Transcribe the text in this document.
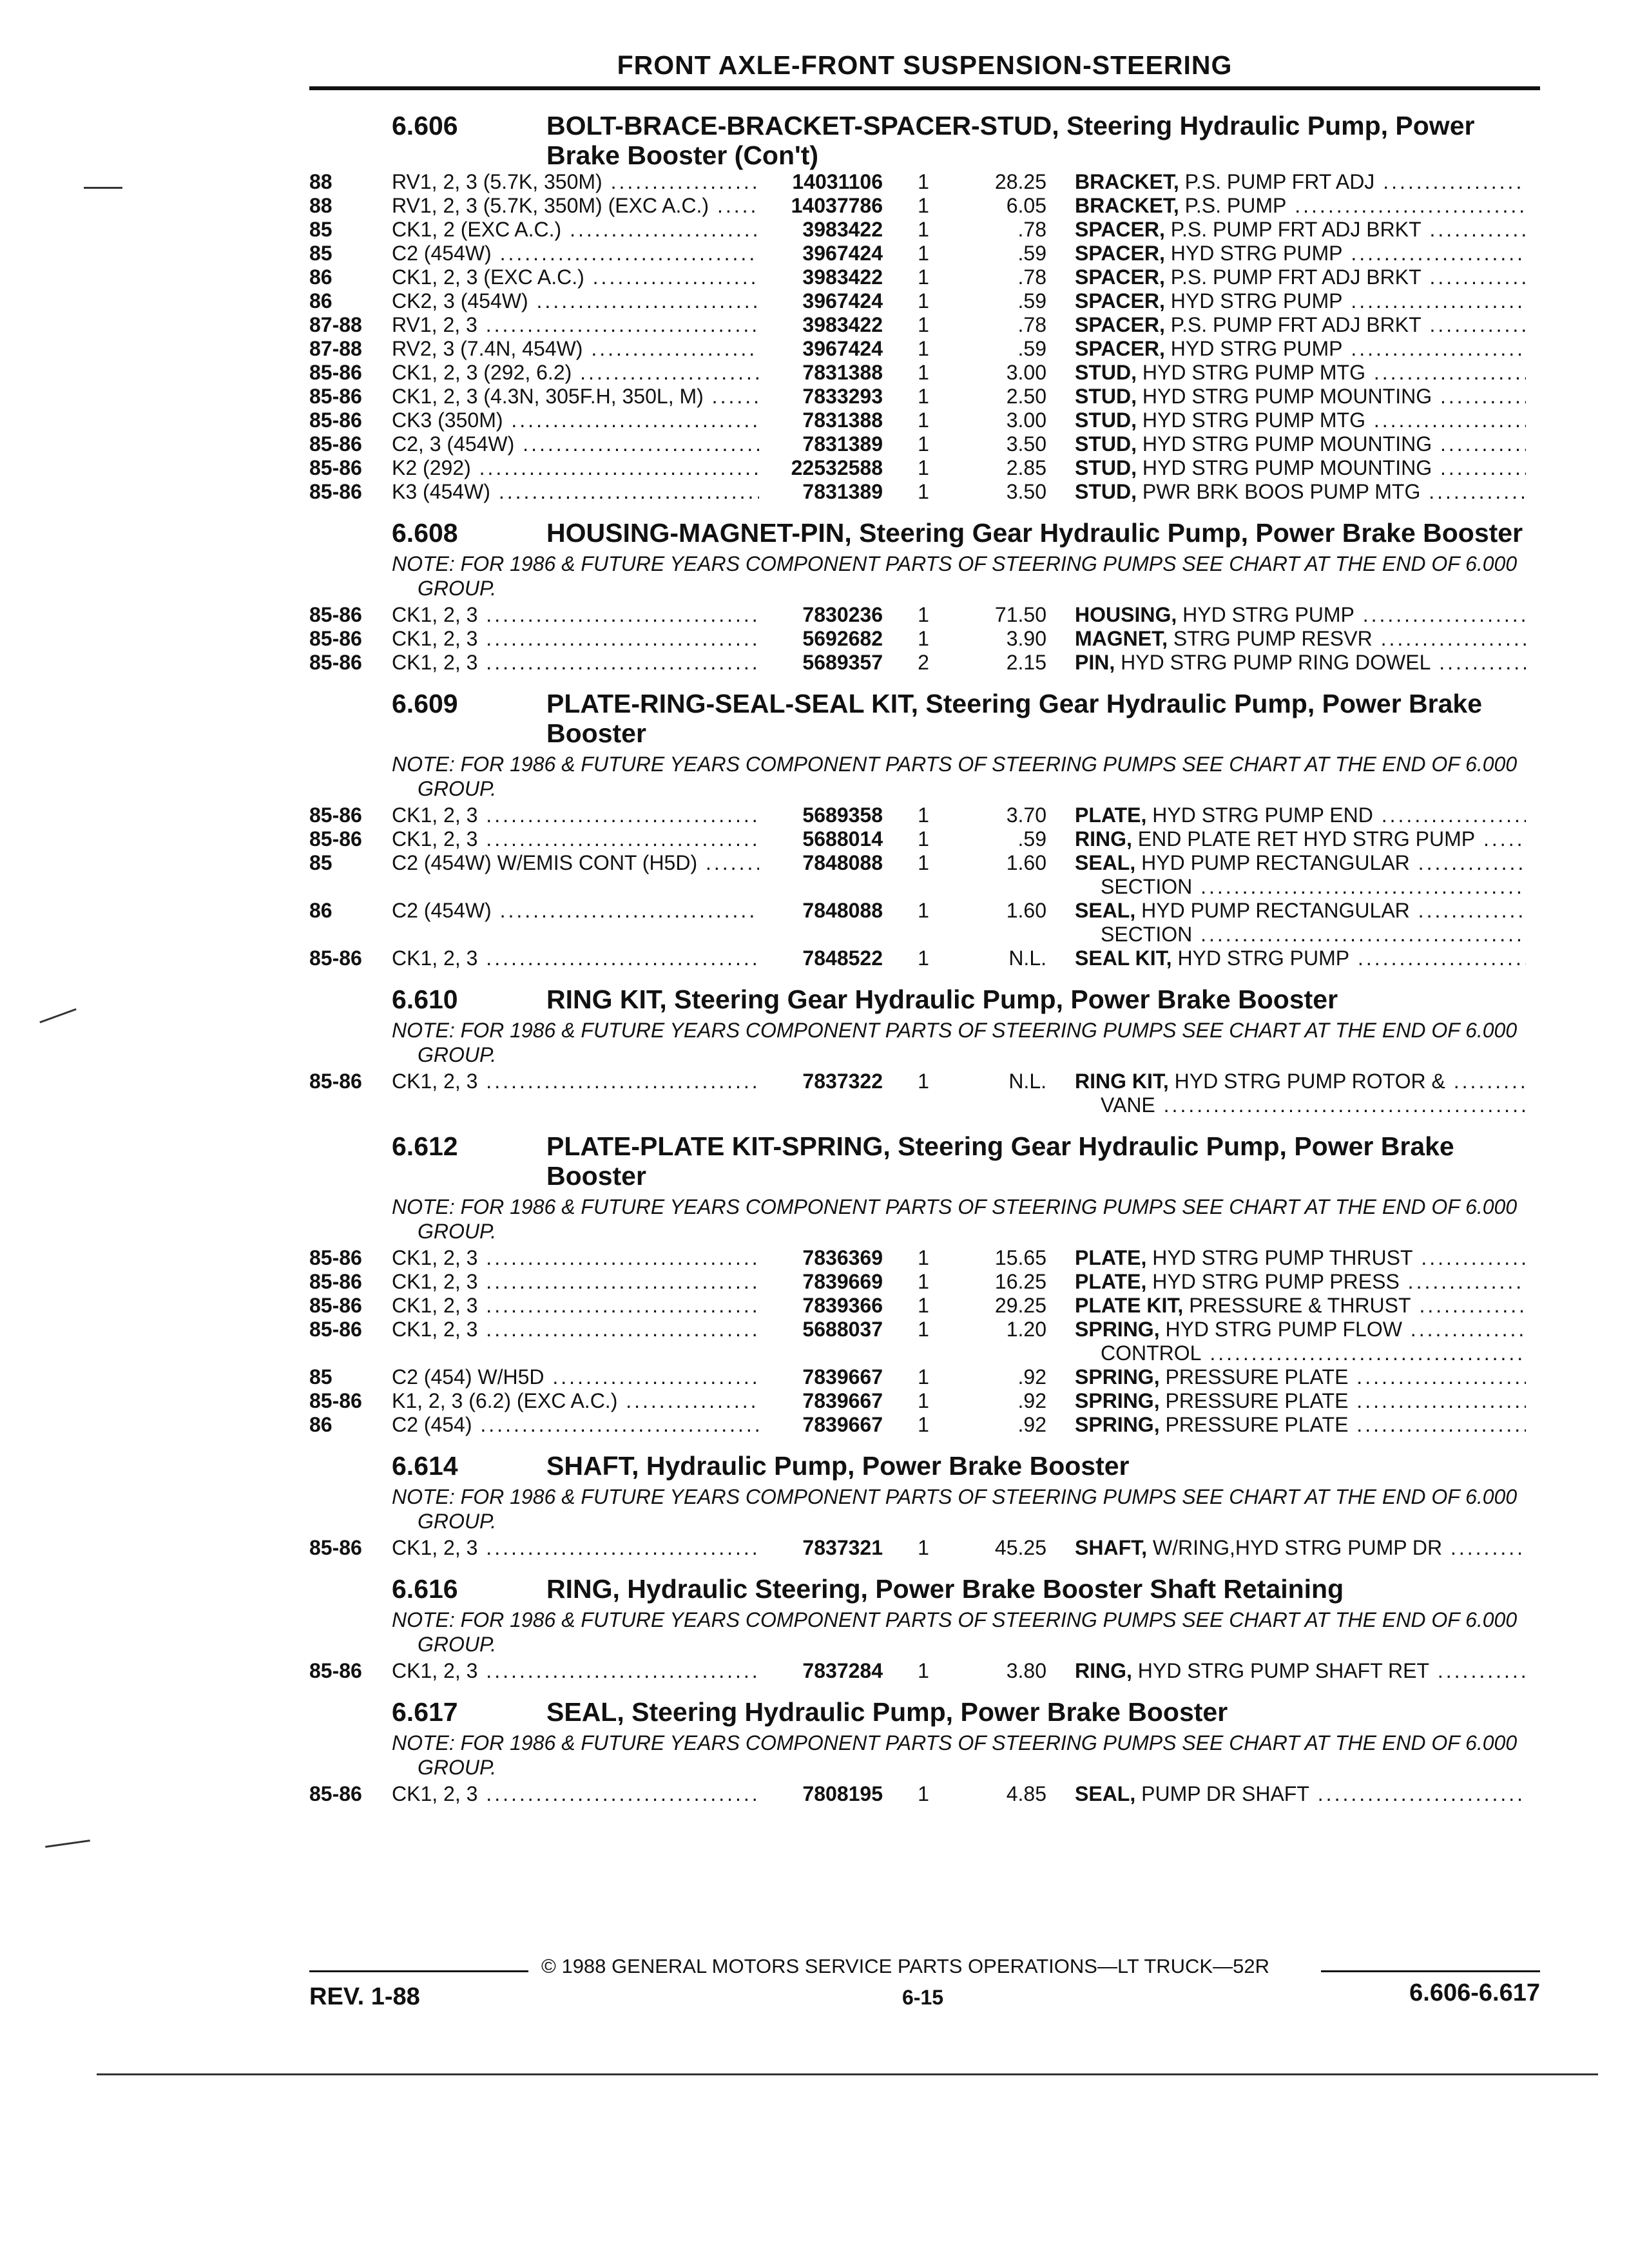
FRONT AXLE-FRONT SUSPENSION-STEERING
6.606	BOLT-BRACE-BRACKET-SPACER-STUD, Steering Hydraulic Pump, Power Brake Booster (Con't)
88	RV1, 2, 3 (5.7K, 350M) .....	14031106	1	28.25	BRACKET, P.S. PUMP FRT ADJ .....
88	RV1, 2, 3 (5.7K, 350M) (EXC A.C.) .....	14037786	1	6.05	BRACKET, P.S. PUMP .....
85	CK1, 2 (EXC A.C.) .....	3983422	1	.78	SPACER, P.S. PUMP FRT ADJ BRKT .....
85	C2 (454W) .....	3967424	1	.59	SPACER, HYD STRG PUMP .....
86	CK1, 2, 3 (EXC A.C.) .....	3983422	1	.78	SPACER, P.S. PUMP FRT ADJ BRKT .....
86	CK2, 3 (454W) .....	3967424	1	.59	SPACER, HYD STRG PUMP .....
87-88	RV1, 2, 3 .....	3983422	1	.78	SPACER, P.S. PUMP FRT ADJ BRKT .....
87-88	RV2, 3 (7.4N, 454W) .....	3967424	1	.59	SPACER, HYD STRG PUMP .....
85-86	CK1, 2, 3 (292, 6.2) .....	7831388	1	3.00	STUD, HYD STRG PUMP MTG .....
85-86	CK1, 2, 3 (4.3N, 305F.H, 350L, M) .....	7833293	1	2.50	STUD, HYD STRG PUMP MOUNTING .....
85-86	CK3 (350M) .....	7831388	1	3.00	STUD, HYD STRG PUMP MTG .....
85-86	C2, 3 (454W) .....	7831389	1	3.50	STUD, HYD STRG PUMP MOUNTING .....
85-86	K2 (292) .....	22532588	1	2.85	STUD, HYD STRG PUMP MOUNTING .....
85-86	K3 (454W) .....	7831389	1	3.50	STUD, PWR BRK BOOS PUMP MTG .....
6.608	HOUSING-MAGNET-PIN, Steering Gear Hydraulic Pump, Power Brake Booster
NOTE: FOR 1986 & FUTURE YEARS COMPONENT PARTS OF STEERING PUMPS SEE CHART AT THE END OF 6.000 GROUP.
85-86	CK1, 2, 3 .....	7830236	1	71.50	HOUSING, HYD STRG PUMP .....
85-86	CK1, 2, 3 .....	5692682	1	3.90	MAGNET, STRG PUMP RESVR .....
85-86	CK1, 2, 3 .....	5689357	2	2.15	PIN, HYD STRG PUMP RING DOWEL .....
6.609	PLATE-RING-SEAL-SEAL KIT, Steering Gear Hydraulic Pump, Power Brake Booster
NOTE: FOR 1986 & FUTURE YEARS COMPONENT PARTS OF STEERING PUMPS SEE CHART AT THE END OF 6.000 GROUP.
85-86	CK1, 2, 3 .....	5689358	1	3.70	PLATE, HYD STRG PUMP END .....
85-86	CK1, 2, 3 .....	5688014	1	.59	RING, END PLATE RET HYD STRG PUMP .....
85	C2 (454W) W/EMIS CONT (H5D) .....	7848088	1	1.60	SEAL, HYD PUMP RECTANGULAR .....
SECTION .....
86	C2 (454W) .....	7848088	1	1.60	SEAL, HYD PUMP RECTANGULAR .....
SECTION .....
85-86	CK1, 2, 3 .....	7848522	1	N.L.	SEAL KIT, HYD STRG PUMP .....
6.610	RING KIT, Steering Gear Hydraulic Pump, Power Brake Booster
NOTE: FOR 1986 & FUTURE YEARS COMPONENT PARTS OF STEERING PUMPS SEE CHART AT THE END OF 6.000 GROUP.
85-86	CK1, 2, 3 .....	7837322	1	N.L.	RING KIT, HYD STRG PUMP ROTOR & .....
VANE .....
6.612	PLATE-PLATE KIT-SPRING, Steering Gear Hydraulic Pump, Power Brake Booster
NOTE: FOR 1986 & FUTURE YEARS COMPONENT PARTS OF STEERING PUMPS SEE CHART AT THE END OF 6.000 GROUP.
85-86	CK1, 2, 3 .....	7836369	1	15.65	PLATE, HYD STRG PUMP THRUST .....
85-86	CK1, 2, 3 .....	7839669	1	16.25	PLATE, HYD STRG PUMP PRESS .....
85-86	CK1, 2, 3 .....	7839366	1	29.25	PLATE KIT, PRESSURE & THRUST .....
85-86	CK1, 2, 3 .....	5688037	1	1.20	SPRING, HYD STRG PUMP FLOW .....
CONTROL .....
85	C2 (454) W/H5D .....	7839667	1	.92	SPRING, PRESSURE PLATE .....
85-86	K1, 2, 3 (6.2) (EXC A.C.) .....	7839667	1	.92	SPRING, PRESSURE PLATE .....
86	C2 (454) .....	7839667	1	.92	SPRING, PRESSURE PLATE .....
6.614	SHAFT, Hydraulic Pump, Power Brake Booster
NOTE: FOR 1986 & FUTURE YEARS COMPONENT PARTS OF STEERING PUMPS SEE CHART AT THE END OF 6.000 GROUP.
85-86	CK1, 2, 3 .....	7837321	1	45.25	SHAFT, W/RING,HYD STRG PUMP DR .....
6.616	RING, Hydraulic Steering, Power Brake Booster Shaft Retaining
NOTE: FOR 1986 & FUTURE YEARS COMPONENT PARTS OF STEERING PUMPS SEE CHART AT THE END OF 6.000 GROUP.
85-86	CK1, 2, 3 .....	7837284	1	3.80	RING, HYD STRG PUMP SHAFT RET .....
6.617	SEAL, Steering Hydraulic Pump, Power Brake Booster
NOTE: FOR 1986 & FUTURE YEARS COMPONENT PARTS OF STEERING PUMPS SEE CHART AT THE END OF 6.000 GROUP.
85-86	CK1, 2, 3 .....	7808195	1	4.85	SEAL, PUMP DR SHAFT .....
© 1988 GENERAL MOTORS SERVICE PARTS OPERATIONS—LT TRUCK—52R
REV. 1-88	6-15	6.606-6.617
